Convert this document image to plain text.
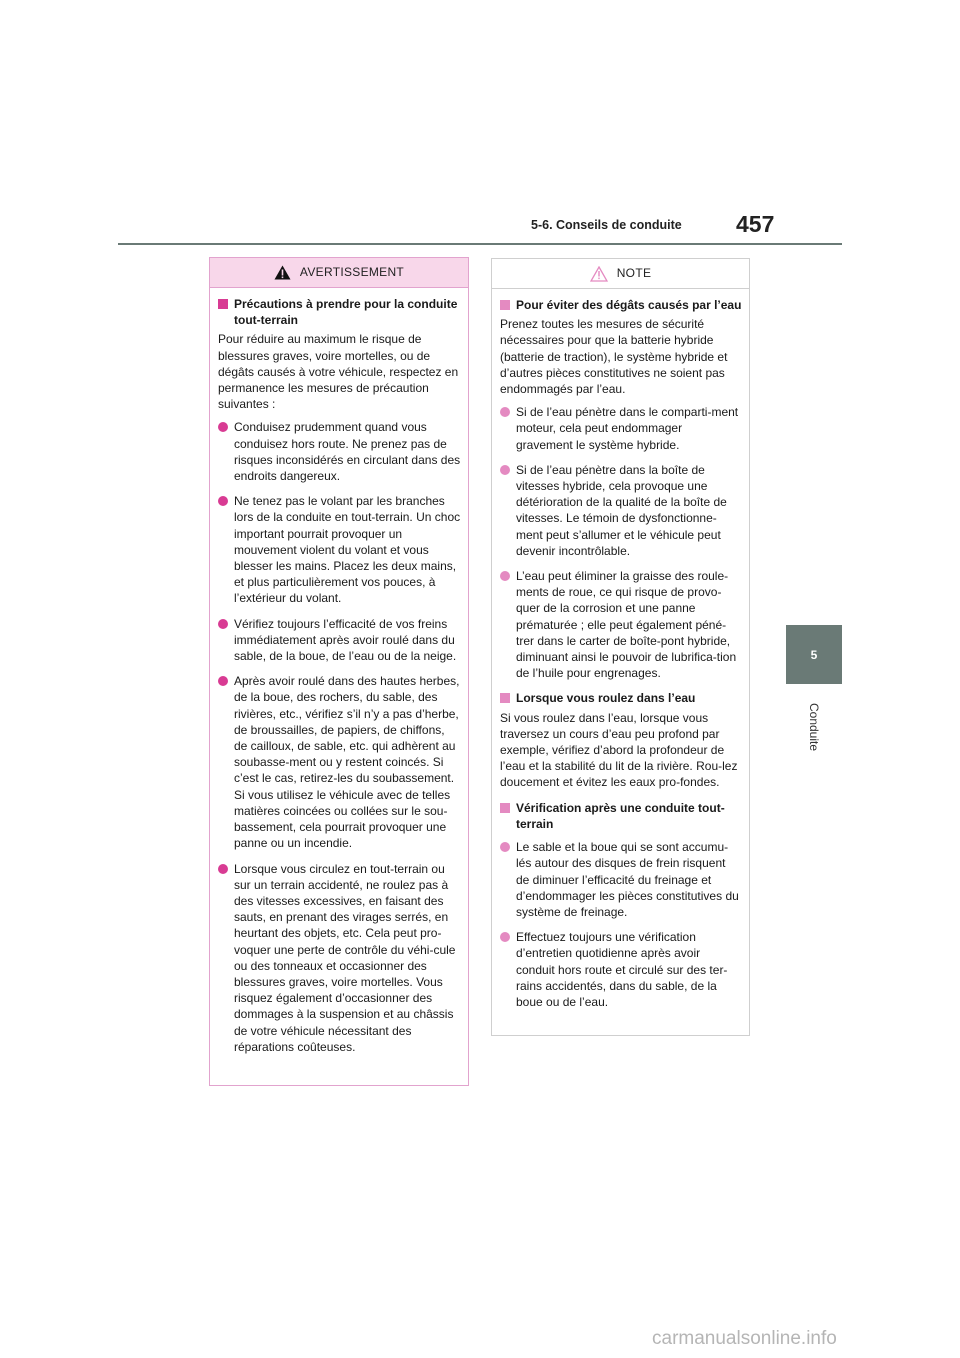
5-6. Conseils de conduite 457
5
Conduite
AVERTISSEMENT
Précautions à prendre pour la conduite tout-terrain
Pour réduire au maximum le risque de blessures graves, voire mortelles, ou de dégâts causés à votre véhicule, respectez en permanence les mesures de précaution suivantes :
Conduisez prudemment quand vous conduisez hors route. Ne prenez pas de risques inconsidérés en circulant dans des endroits dangereux.
Ne tenez pas le volant par les branches lors de la conduite en tout-terrain. Un choc important pourrait provoquer un mouvement violent du volant et vous blesser les mains. Placez les deux mains, et plus particulièrement vos pouces, à l’extérieur du volant.
Vérifiez toujours l’efficacité de vos freins immédiatement après avoir roulé dans du sable, de la boue, de l’eau ou de la neige.
Après avoir roulé dans des hautes herbes, de la boue, des rochers, du sable, des rivières, etc., vérifiez s’il n’y a pas d’herbe, de broussailles, de papiers, de chiffons, de cailloux, de sable, etc. qui adhèrent au soubasse-ment ou y restent coincés. Si c’est le cas, retirez-les du soubassement. Si vous utilisez le véhicule avec de telles matières coincées ou collées sur le sou-bassement, cela pourrait provoquer une panne ou un incendie.
Lorsque vous circulez en tout-terrain ou sur un terrain accidenté, ne roulez pas à des vitesses excessives, en faisant des sauts, en prenant des virages serrés, en heurtant des objets, etc. Cela peut pro-voquer une perte de contrôle du véhi-cule ou des tonneaux et occasionner des blessures graves, voire mortelles. Vous risquez également d’occasionner des dommages à la suspension et au châssis de votre véhicule nécessitant des réparations coûteuses.
NOTE
Pour éviter des dégâts causés par l’eau
Prenez toutes les mesures de sécurité nécessaires pour que la batterie hybride (batterie de traction), le système hybride et d’autres pièces constitutives ne soient pas endommagés par l’eau.
Si de l’eau pénètre dans le comparti-ment moteur, cela peut endommager gravement le système hybride.
Si de l’eau pénètre dans la boîte de vitesses hybride, cela provoque une détérioration de la qualité de la boîte de vitesses. Le témoin de dysfonctionne-ment peut s’allumer et le véhicule peut devenir incontrôlable.
L’eau peut éliminer la graisse des roule-ments de roue, ce qui risque de provo-quer de la corrosion et une panne prématurée ; elle peut également péné-trer dans le carter de boîte-pont hybride, diminuant ainsi le pouvoir de lubrifica-tion de l’huile pour engrenages.
Lorsque vous roulez dans l’eau
Si vous roulez dans l’eau, lorsque vous traversez un cours d’eau peu profond par exemple, vérifiez d’abord la profondeur de l’eau et la stabilité du lit de la rivière. Rou-lez doucement et évitez les eaux pro-fondes.
Vérification après une conduite tout-terrain
Le sable et la boue qui se sont accumu-lés autour des disques de frein risquent de diminuer l’efficacité du freinage et d’endommager les pièces constitutives du système de freinage.
Effectuez toujours une vérification d’entretien quotidienne après avoir conduit hors route et circulé sur des ter-rains accidentés, dans du sable, de la boue ou de l’eau.
carmanualsonline.info
